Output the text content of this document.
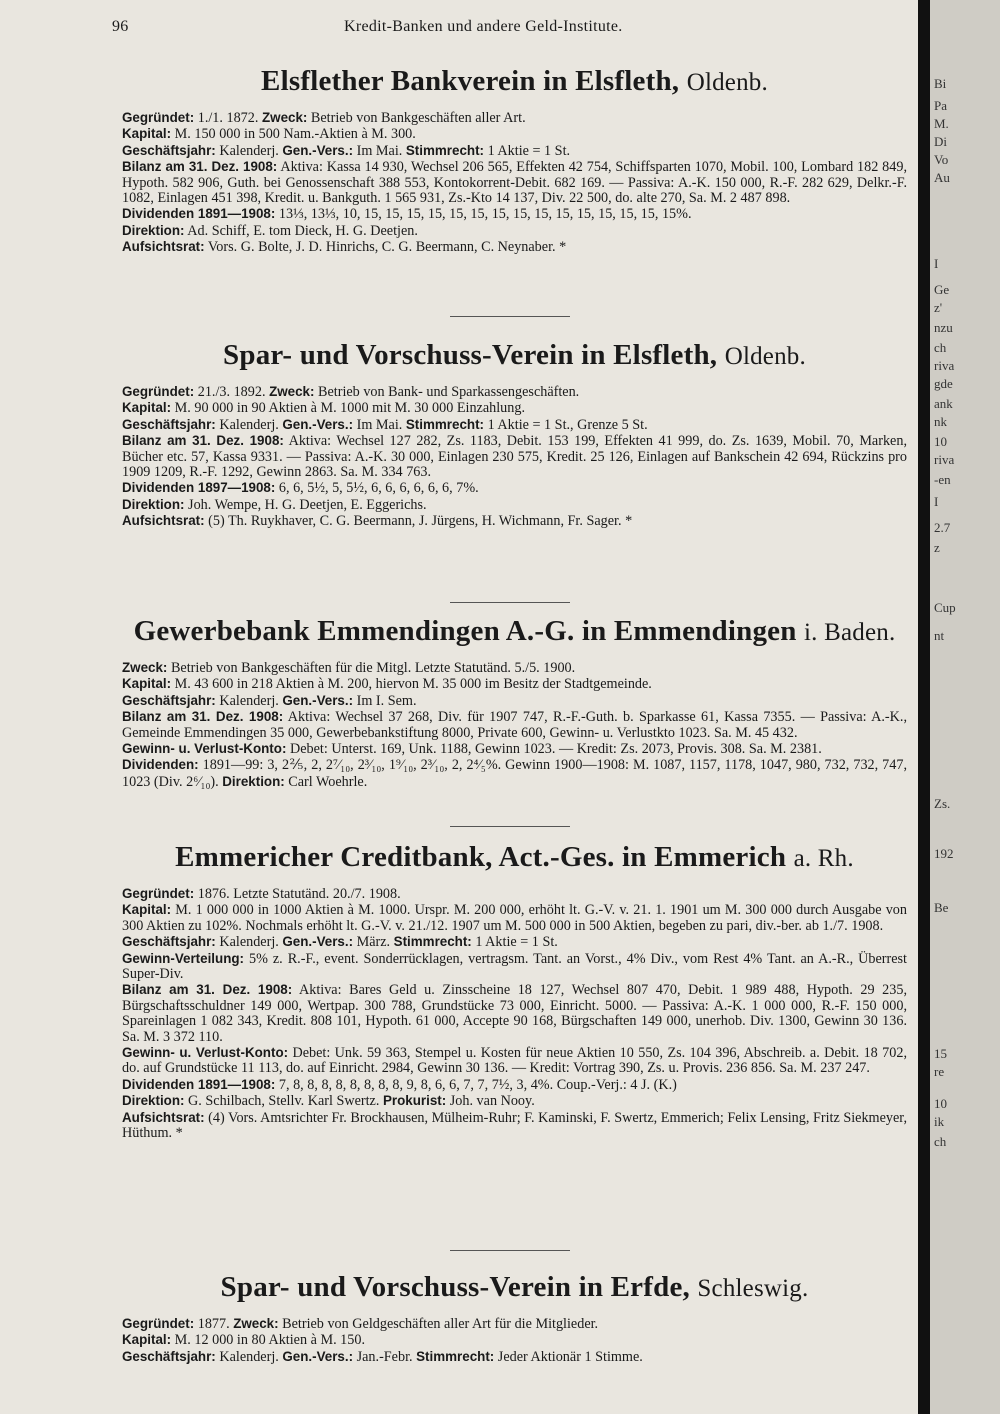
96	Kredit-Banken und andere Geld-Institute.
Elsflether Bankverein in Elsfleth, Oldenb.

Gegründet: 1./1. 1872. Zweck: Betrieb von Bankgeschäften aller Art.

Kapital: M. 150 000 in 500 Nam.-Aktien à M. 300.

Geschäftsjahr: Kalenderj. Gen.-Vers.: Im Mai. Stimmrecht: 1 Aktie = 1 St.

Bilanz am 31. Dez. 1908: Aktiva: Kassa 14 930, Wechsel 206 565, Effekten 42 754, Schiffsparten 1070, Mobil. 100, Lombard 182 849, Hypoth. 582 906, Guth. bei Genossenschaft 388 553, Kontokorrent-Debit. 682 169. — Passiva: A.-K. 150 000, R.-F. 282 629, Delkr.-F. 1082, Einlagen 451 398, Kredit. u. Bankguth. 1 565 931, Zs.-Kto 14 137, Div. 22 500, do. alte 270, Sa. M. 2 487 898.

Dividenden 1891—1908: 13⅓, 13⅓, 10, 15, 15, 15, 15, 15, 15, 15, 15, 15, 15, 15, 15, 15, 15, 15%.

Direktion: Ad. Schiff, E. tom Dieck, H. G. Deetjen.

Aufsichtsrat: Vors. G. Bolte, J. D. Hinrichs, C. G. Beermann, C. Neynaber. *

Spar- und Vorschuss-Verein in Elsfleth, Oldenb.

Gegründet: 21./3. 1892. Zweck: Betrieb von Bank- und Sparkassengeschäften.

Kapital: M. 90 000 in 90 Aktien à M. 1000 mit M. 30 000 Einzahlung.

Geschäftsjahr: Kalenderj. Gen.-Vers.: Im Mai. Stimmrecht: 1 Aktie = 1 St., Grenze 5 St.

Bilanz am 31. Dez. 1908: Aktiva: Wechsel 127 282, Zs. 1183, Debit. 153 199, Effekten 41 999, do. Zs. 1639, Mobil. 70, Marken, Bücher etc. 57, Kassa 9331. — Passiva: A.-K. 30 000, Einlagen 230 575, Kredit. 25 126, Einlagen auf Bankschein 42 694, Rückzins pro 1909 1209, R.-F. 1292, Gewinn 2863. Sa. M. 334 763.

Dividenden 1897—1908: 6, 6, 5½, 5, 5½, 6, 6, 6, 6, 6, 6, 7%.

Direktion: Joh. Wempe, H. G. Deetjen, E. Eggerichs.

Aufsichtsrat: (5) Th. Ruykhaver, C. G. Beermann, J. Jürgens, H. Wichmann, Fr. Sager. *

Gewerbebank Emmendingen A.-G. in Emmendingen i. Baden.

Zweck: Betrieb von Bankgeschäften für die Mitgl. Letzte Statutänd. 5./5. 1900.

Kapital: M. 43 600 in 218 Aktien à M. 200, hiervon M. 35 000 im Besitz der Stadtgemeinde.

Geschäftsjahr: Kalenderj. Gen.-Vers.: Im I. Sem.

Bilanz am 31. Dez. 1908: Aktiva: Wechsel 37 268, Div. für 1907 747, R.-F.-Guth. b. Sparkasse 61, Kassa 7355. — Passiva: A.-K., Gemeinde Emmendingen 35 000, Gewerbebankstiftung 8000, Private 600, Gewinn- u. Verlustkto 1023. Sa. M. 45 432.

Gewinn- u. Verlust-Konto: Debet: Unterst. 169, Unk. 1188, Gewinn 1023. — Kredit: Zs. 2073, Provis. 308. Sa. M. 2381.

Dividenden: 1891—99: 3, 2⅖, 2, 2⁷⁄₁₀, 2³⁄₁₀, 1⁹⁄₁₀, 2³⁄₁₀, 2, 2⁴⁄₅%. Gewinn 1900—1908: M. 1087, 1157, 1178, 1047, 980, 732, 732, 747, 1023 (Div. 2⁶⁄₁₀). Direktion: Carl Woehrle.

Emmericher Creditbank, Act.-Ges. in Emmerich a. Rh.

Gegründet: 1876. Letzte Statutänd. 20./7. 1908.

Kapital: M. 1 000 000 in 1000 Aktien à M. 1000. Urspr. M. 200 000, erhöht lt. G.-V. v. 21. 1. 1901 um M. 300 000 durch Ausgabe von 300 Aktien zu 102%. Nochmals erhöht lt. G.-V. v. 21./12. 1907 um M. 500 000 in 500 Aktien, begeben zu pari, div.-ber. ab 1./7. 1908.

Geschäftsjahr: Kalenderj. Gen.-Vers.: März. Stimmrecht: 1 Aktie = 1 St.

Gewinn-Verteilung: 5% z. R.-F., event. Sonderrücklagen, vertragsm. Tant. an Vorst., 4% Div., vom Rest 4% Tant. an A.-R., Überrest Super-Div.

Bilanz am 31. Dez. 1908: Aktiva: Bares Geld u. Zinsscheine 18 127, Wechsel 807 470, Debit. 1 989 488, Hypoth. 29 235, Bürgschaftsschuldner 149 000, Wertpap. 300 788, Grundstücke 73 000, Einricht. 5000. — Passiva: A.-K. 1 000 000, R.-F. 150 000, Spareinlagen 1 082 343, Kredit. 808 101, Hypoth. 61 000, Accepte 90 168, Bürgschaften 149 000, unerhob. Div. 1300, Gewinn 30 136. Sa. M. 3 372 110.

Gewinn- u. Verlust-Konto: Debet: Unk. 59 363, Stempel u. Kosten für neue Aktien 10 550, Zs. 104 396, Abschreib. a. Debit. 18 702, do. auf Grundstücke 11 113, do. auf Einricht. 2984, Gewinn 30 136. — Kredit: Vortrag 390, Zs. u. Provis. 236 856. Sa. M. 237 247.

Dividenden 1891—1908: 7, 8, 8, 8, 8, 8, 8, 8, 8, 9, 8, 6, 6, 7, 7, 7½, 3, 4%. Coup.-Verj.: 4 J. (K.)

Direktion: G. Schilbach, Stellv. Karl Swertz. Prokurist: Joh. van Nooy.

Aufsichtsrat: (4) Vors. Amtsrichter Fr. Brockhausen, Mülheim-Ruhr; F. Kaminski, F. Swertz, Emmerich; Felix Lensing, Fritz Siekmeyer, Hüthum. *

Spar- und Vorschuss-Verein in Erfde, Schleswig.

Gegründet: 1877. Zweck: Betrieb von Geldgeschäften aller Art für die Mitglieder.

Kapital: M. 12 000 in 80 Aktien à M. 150.

Geschäftsjahr: Kalenderj. Gen.-Vers.: Jan.-Febr. Stimmrecht: Jeder Aktionär 1 Stimme.

Bi
Pa
M.
Di
Vo
Au
I
Ge
z'
nzu
ch
riva
gde
ank
nk
10
riva
-en
I
2.7
z
Cup
nt
Zs.
192
Be
15
re
10
ik
ch
